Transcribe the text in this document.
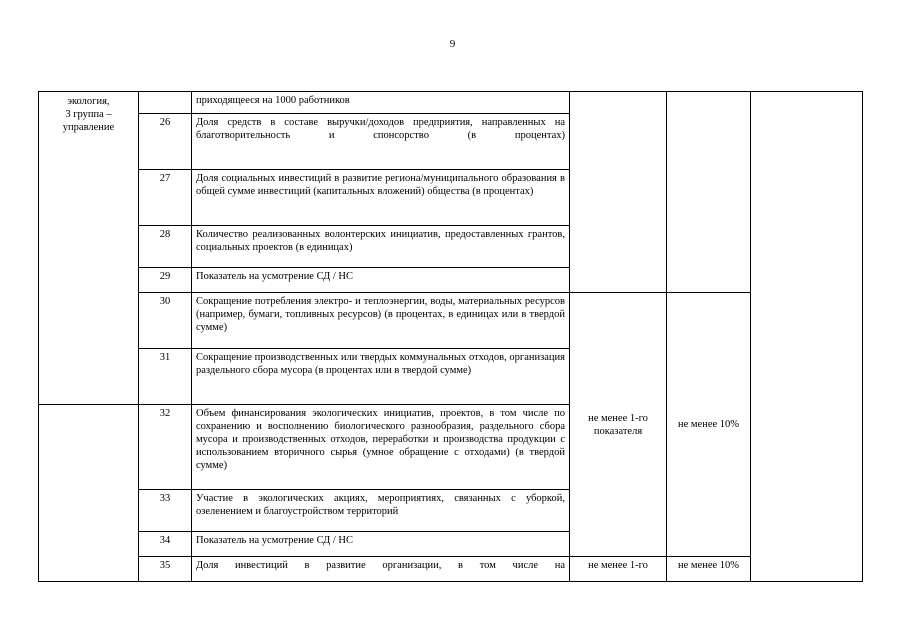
9
экология,
3 группа –
управление		приходящееся на 1000 работников			
	26	Доля средств в составе выручки/доходов предприятия, направленных на благотворительность и спонсорство (в процентах)			
	27	Доля социальных инвестиций в развитие региона/муниципального образования в общей сумме инвестиций (капитальных вложений) общества (в процентах)			
	28	Количество реализованных волонтерских инициатив, предоставленных грантов, социальных проектов (в единицах)			
	29	Показатель на усмотрение СД / НС			
	30	Сокращение потребления электро- и теплоэнергии, воды, материальных ресурсов (например, бумаги, топливных ресурсов) (в процентах, в единицах или в твердой сумме)	не менее 1-го показателя	не менее 10%	
	31	Сокращение производственных или твердых коммунальных отходов, организация раздельного сбора мусора (в процентах или в твердой сумме)			
	32	Объем финансирования экологических инициатив, проектов, в том числе по сохранению и восполнению биологического разнообразия, раздельного сбора мусора и производственных отходов, переработки и производства продукции с использованием вторичного сырья (умное обращение с отходами) (в твердой сумме)			
	33	Участие в экологических акциях, мероприятиях, связанных с уборкой, озеленением и благоустройством территорий			
	34	Показатель на усмотрение СД / НС			
	35	Доля инвестиций в развитие организации, в том числе на	не менее 1-го	не менее 10%	
